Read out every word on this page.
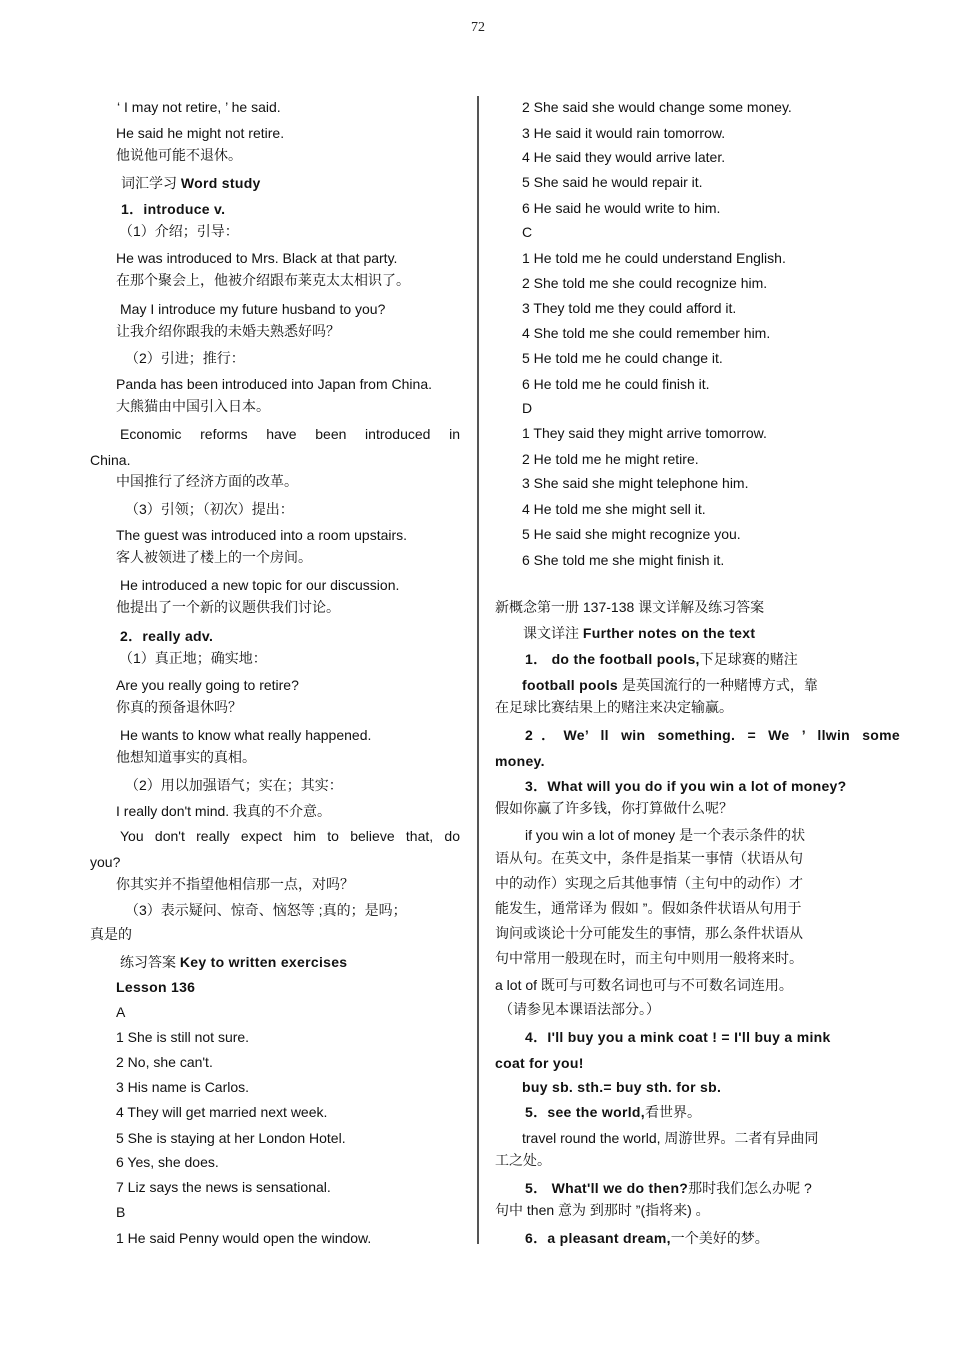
72
‘ I may not retire, ’ he said.
He said he might not retire.
他说他可能不退休。
词汇学习 Word study
1．introduce v.
（1）介绍；引导：
He was introduced to Mrs. Black at that party.
在那个聚会上，他被介绍跟布莱克太太相识了。
May I introduce my future husband to you?
让我介绍你跟我的未婚夫熟悉好吗？
（2）引进；推行：
Panda has been introduced into Japan from China.
大熊猫由中国引入日本。
Economic reforms have been introduced in
China.
中国推行了经济方面的改革。
（3）引领；（初次）提出：
The guest was introduced into a room upstairs.
客人被领进了楼上的一个房间。
He introduced a new topic for our discussion.
他提出了一个新的议题供我们讨论。
2．really adv.
（1）真正地；确实地：
Are you really going to retire?
你真的预备退休吗？
He wants to know what really happened.
他想知道事实的真相。
（2）用以加强语气；实在；其实：
I really don't mind. 我真的不介意。
You don't really expect him to believe that, do
you?
你其实并不指望他相信那一点，对吗？
（3）表示疑问、惊奇、恼怒等 ;真的；是吗；
真是的
练习答案 Key to written exercises
Lesson 136
A
1 She is still not sure.
2 No, she can't.
3 His name is Carlos.
4 They will get married next week.
5 She is staying at her London Hotel.
6 Yes, she does.
7 Liz says the news is sensational.
B
1 He said Penny would open the window.
2 She said she would change some money.
3 He said it would rain tomorrow.
4 He said they would arrive later.
5 She said he would repair it.
6 He said he would write to him.
C
1 He told me he could understand English.
2 She told me she could recognize him.
3 They told me they could afford it.
4 She told me she could remember him.
5 He told me he could change it.
6 He told me he could finish it.
D
1 They said they might arrive tomorrow.
2 He told me he might retire.
3 She said she might telephone him.
4 He told me she might sell it.
5 He said she might recognize you.
6 She told me she might finish it.
新概念第一册 137-138 课文详解及练习答案
课文详注 Further notes on the text
1． do the football pools,下足球赛的赌注
football pools 是英国流行的一种赌博方式，靠
在足球比赛结果上的赌注来决定输赢。
2．We’ ll win something. = We ’ llwin some
money.
3．What will you do if you win a lot of money?
假如你赢了许多钱，你打算做什么呢？
if you win a lot of money 是一个表示条件的状
语从句。在英文中，条件是指某一事情（状语从句
中的动作）实现之后其他事情（主句中的动作）才
能发生，通常译为 假如 ”。假如条件状语从句用于
询问或谈论十分可能发生的事情，那么条件状语从
句中常用一般现在时，而主句中则用一般将来时。
a lot of 既可与可数名词也可与不可数名词连用。
（请参见本课语法部分。）
4．I'll buy you a mink coat ! = I'll buy a mink
coat for you!
buy sb. sth.= buy sth. for sb.
5．see the world,看世界。
travel round the world, 周游世界。二者有异曲同
工之处。
5． What'll we do then?那时我们怎么办呢 ?
句中 then 意为 到那时 ”(指将来) 。
6．a pleasant dream,一个美好的梦。
